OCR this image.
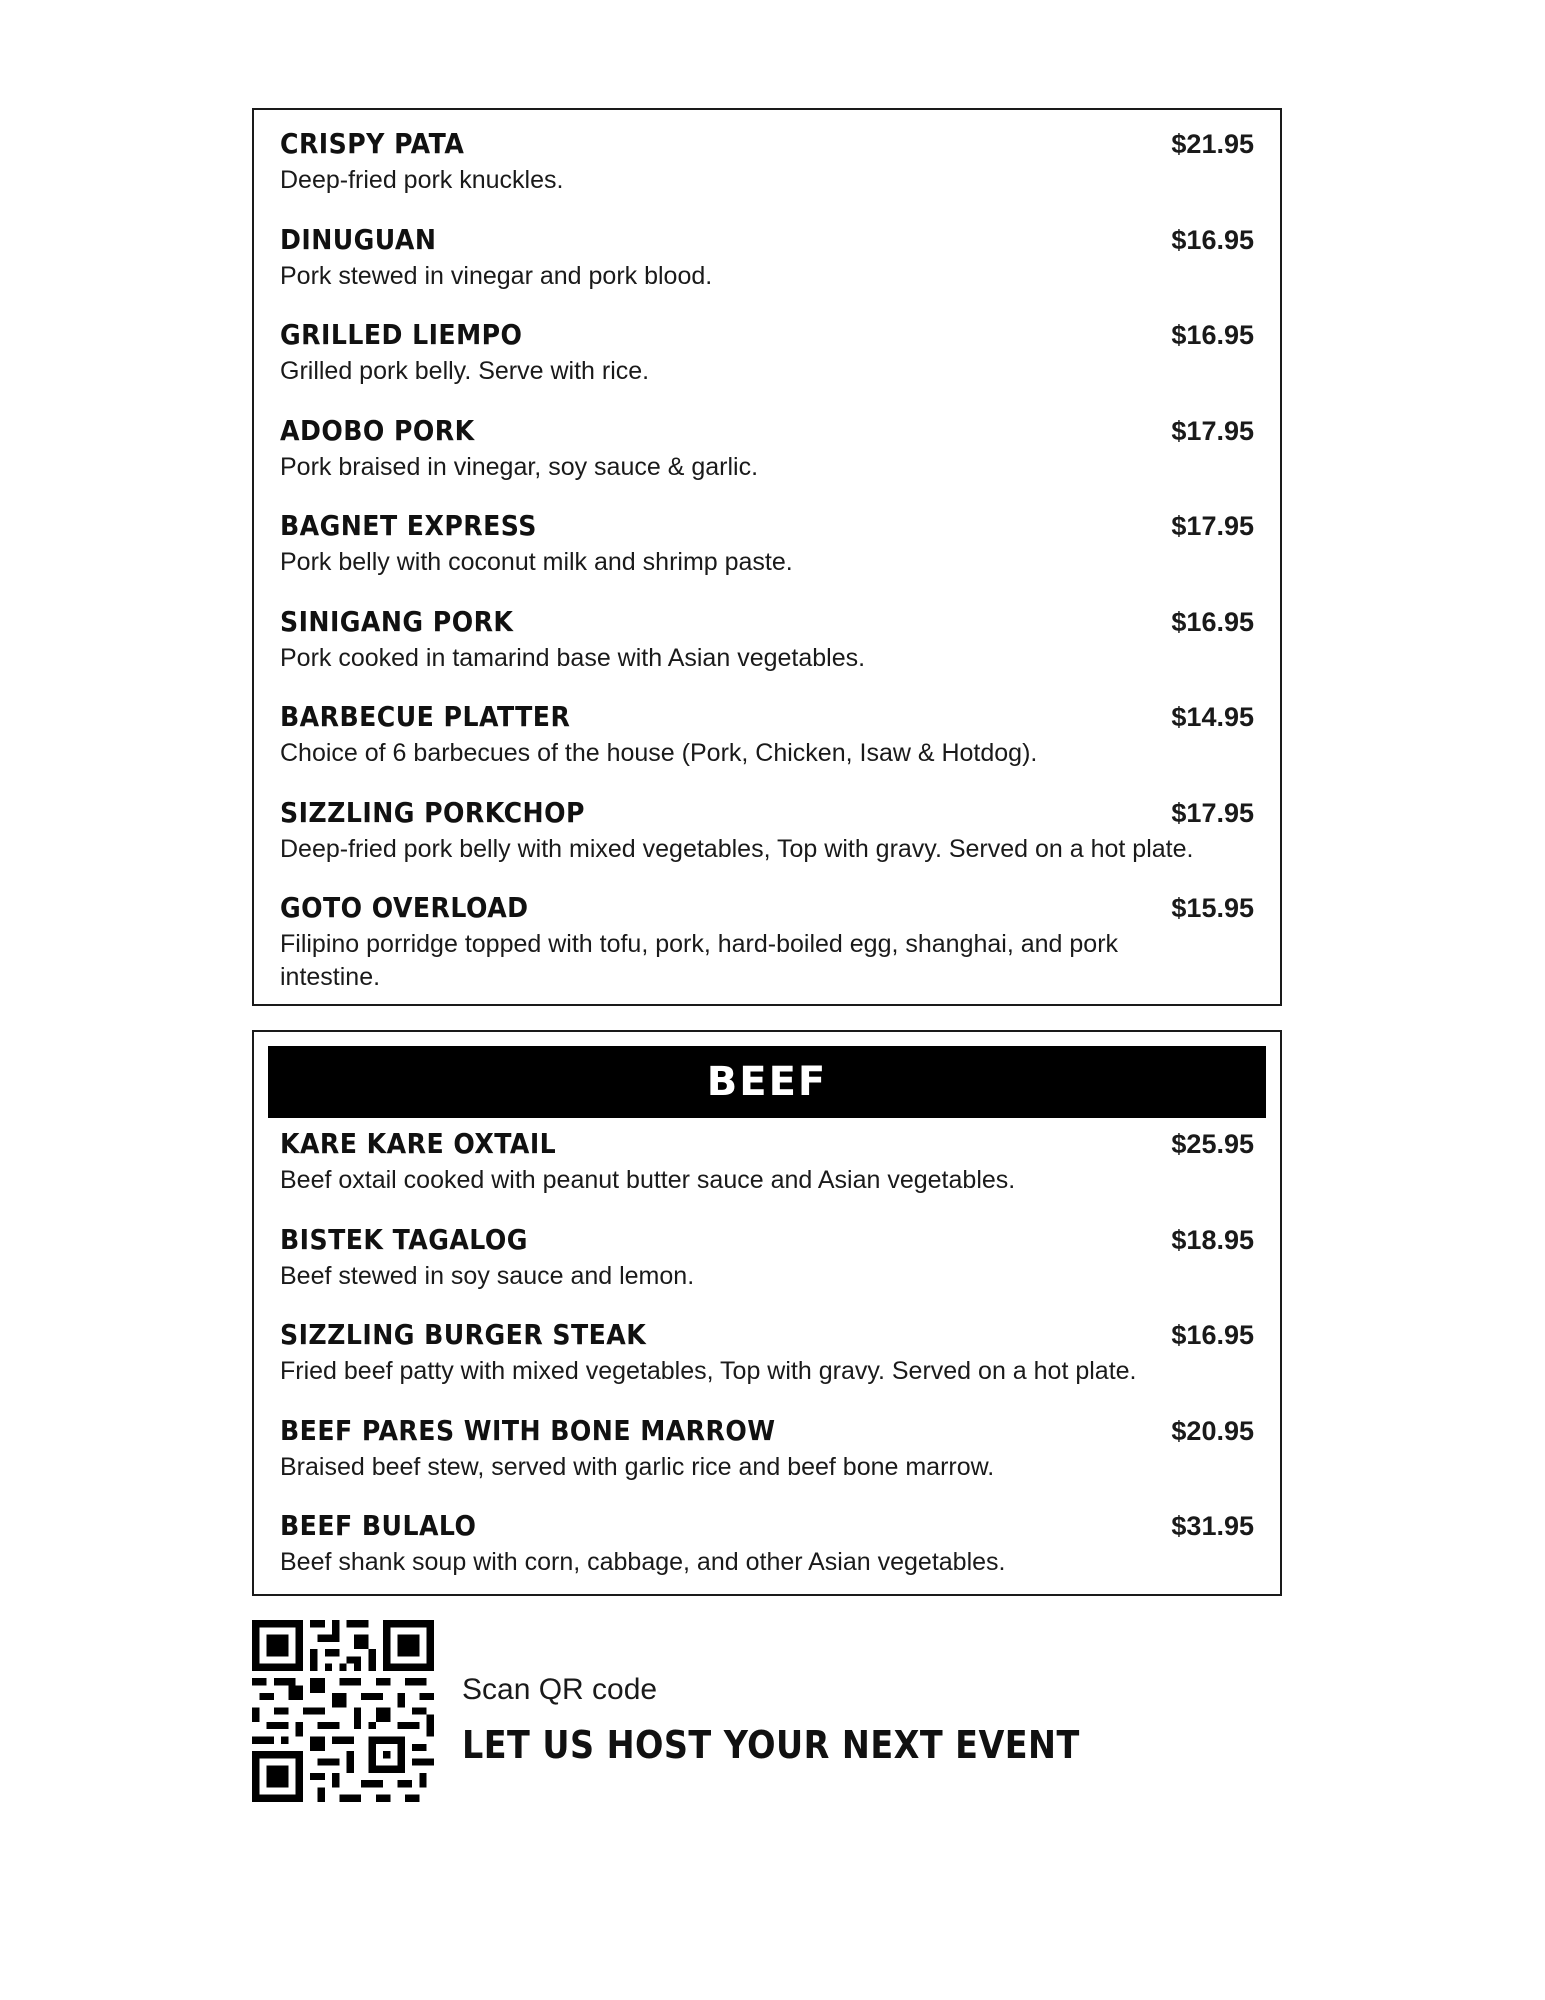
CRISPY PATA	$21.95
Deep-fried pork knuckles.
DINUGUAN	$16.95
Pork stewed in vinegar and pork blood.
GRILLED LIEMPO	$16.95
Grilled pork belly. Serve with rice.
ADOBO PORK	$17.95
Pork braised in vinegar, soy sauce & garlic.
BAGNET EXPRESS	$17.95
Pork belly with coconut milk and shrimp paste.
SINIGANG PORK	$16.95
Pork cooked in tamarind base with Asian vegetables.
BARBECUE PLATTER	$14.95
Choice of 6 barbecues of the house (Pork, Chicken, Isaw & Hotdog).
SIZZLING PORKCHOP	$17.95
Deep-fried pork belly with mixed vegetables, Top with gravy. Served on a hot plate.
GOTO OVERLOAD	$15.95
Filipino porridge topped with tofu, pork, hard-boiled egg, shanghai, and pork intestine.
BEEF
KARE KARE OXTAIL	$25.95
Beef oxtail cooked with peanut butter sauce and Asian vegetables.
BISTEK TAGALOG	$18.95
Beef stewed in soy sauce and lemon.
SIZZLING BURGER STEAK	$16.95
Fried beef patty with mixed vegetables, Top with gravy. Served on a hot plate.
BEEF PARES WITH BONE MARROW	$20.95
Braised beef stew, served with garlic rice and beef bone marrow.
BEEF BULALO	$31.95
Beef shank soup with corn, cabbage, and other Asian vegetables.
Scan QR code
LET US HOST YOUR NEXT EVENT
